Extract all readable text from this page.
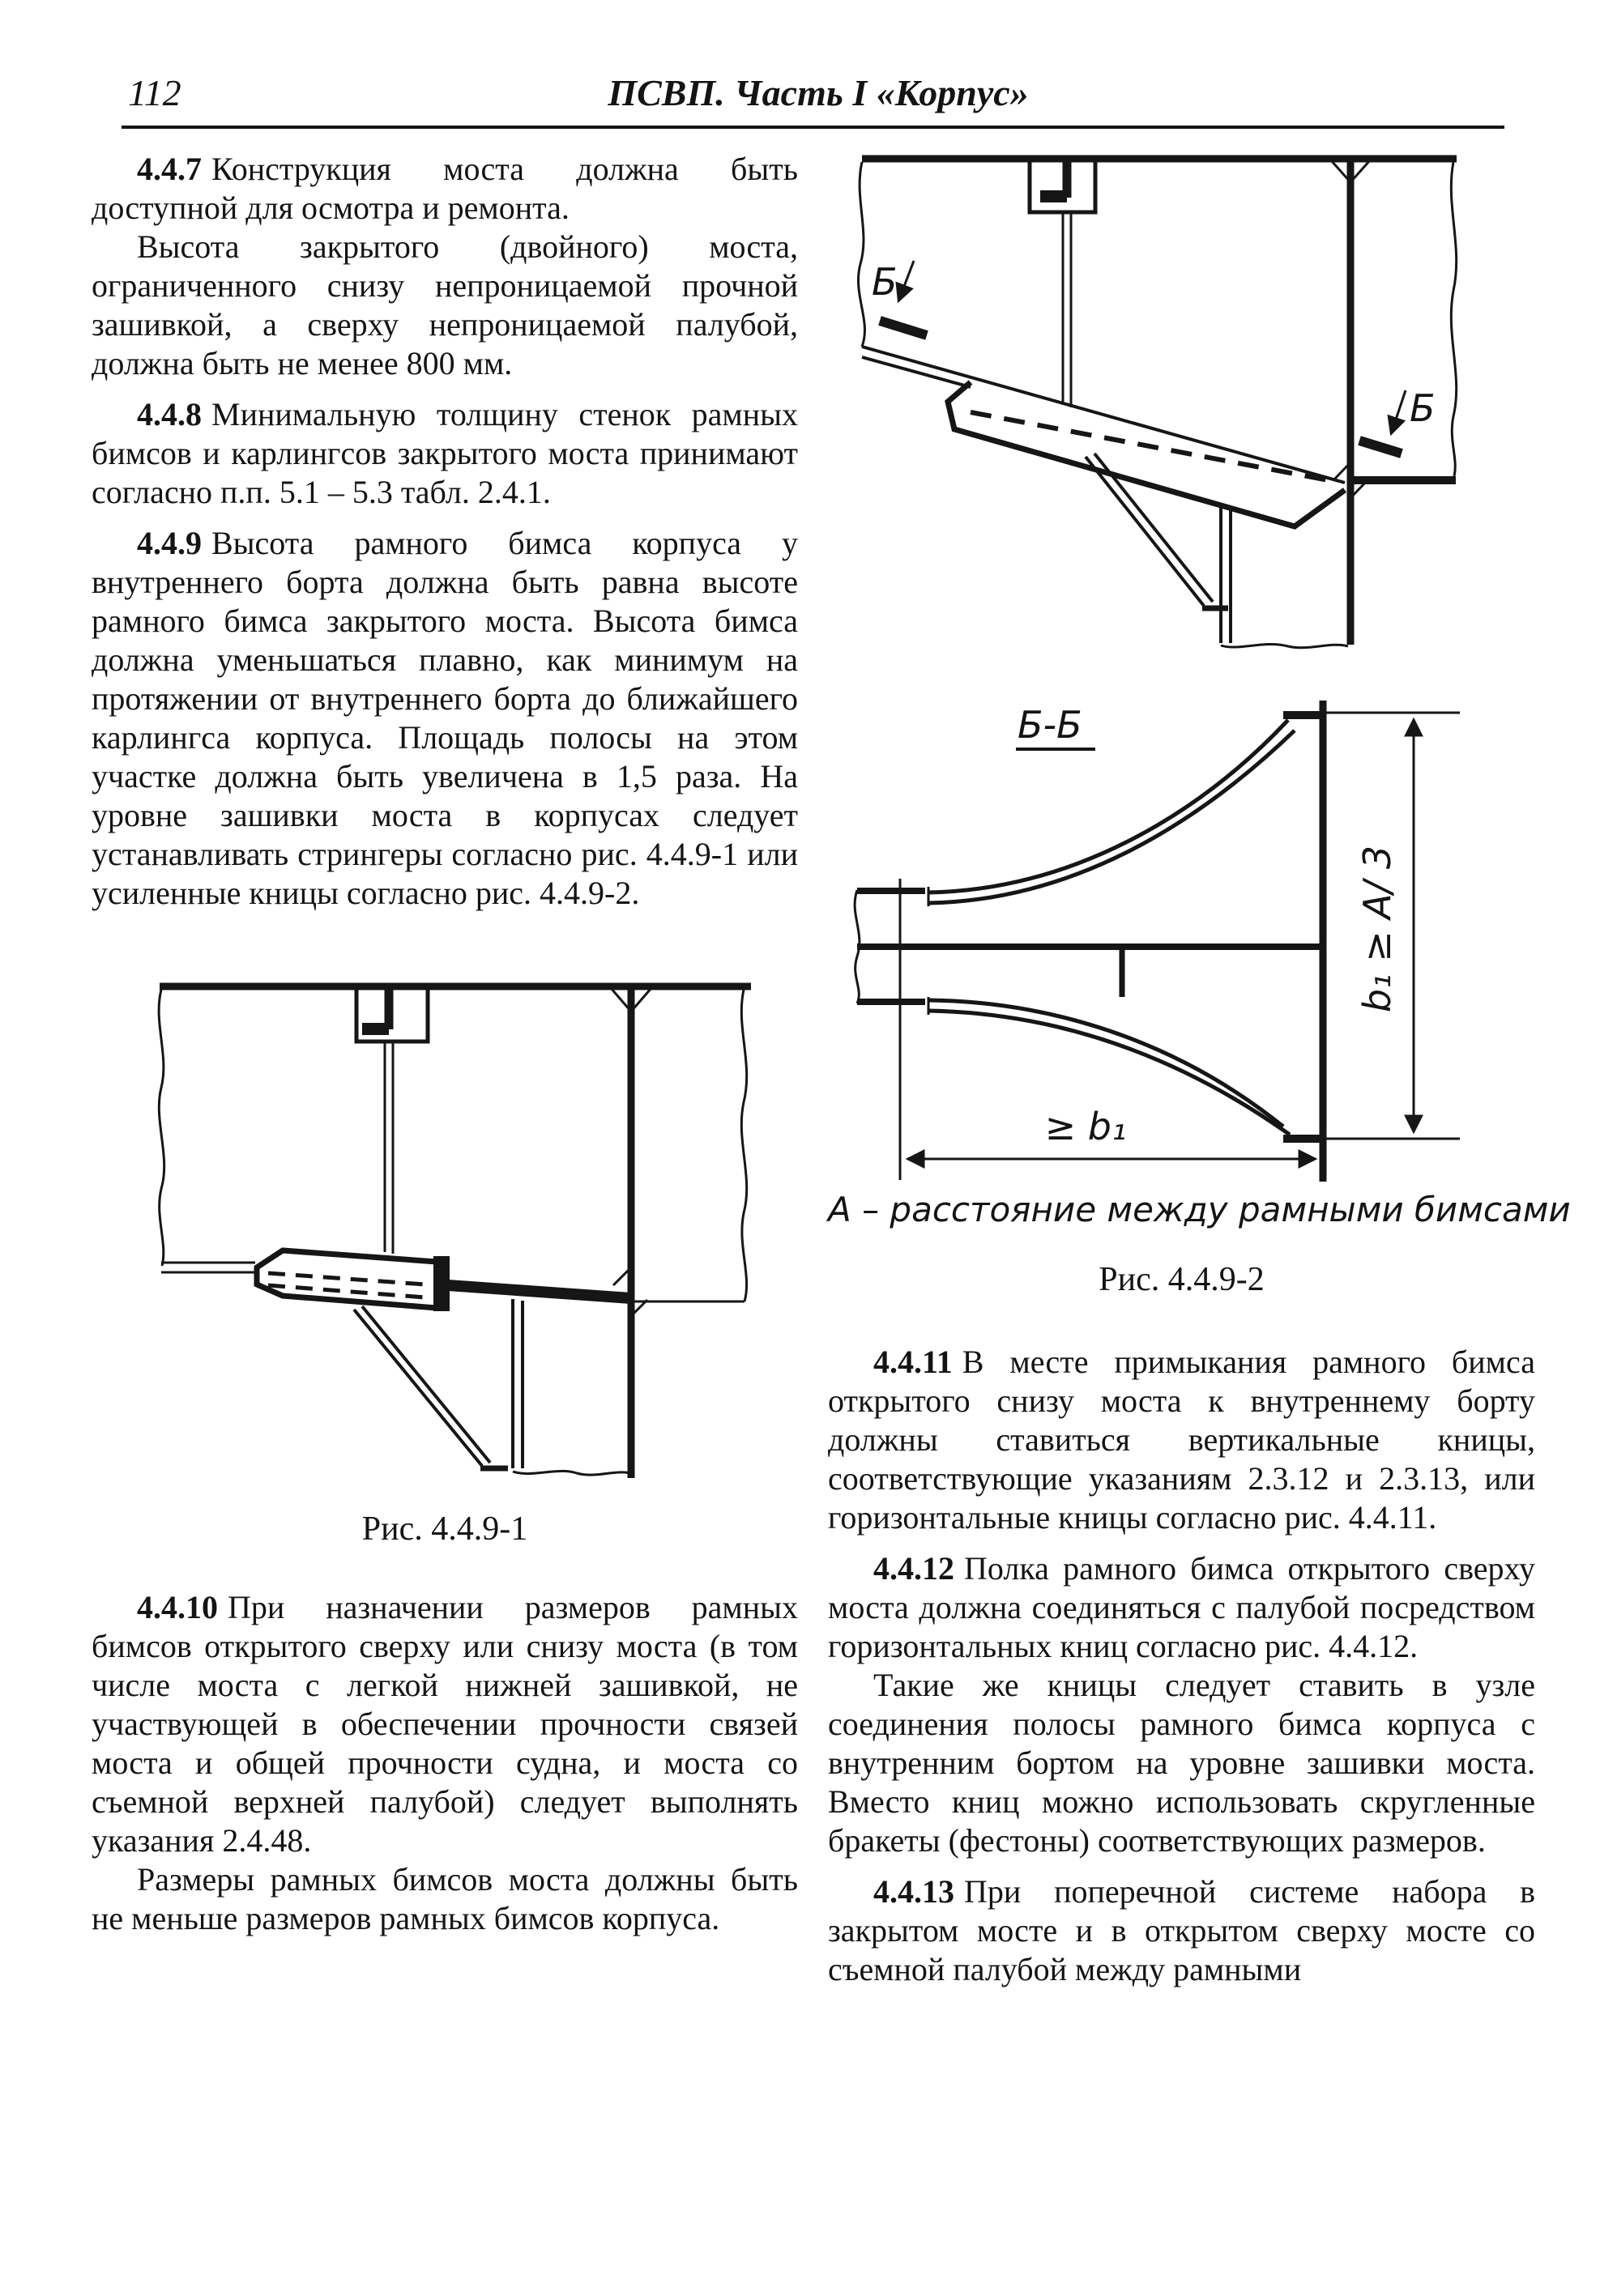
112	ПСВП. Часть I «Корпус»

4.4.7 Конструкция моста должна быть доступной для осмотра и ремонта.

Высота закрытого (двойного) моста, ограниченного снизу непроницаемой прочной зашивкой, а сверху непроницаемой палубой, должна быть не менее 800 мм.

4.4.8 Минимальную толщину стенок рамных бимсов и карлингсов закрытого моста принимают согласно п.п. 5.1 – 5.3 табл. 2.4.1.

4.4.9 Высота рамного бимса корпуса у внутреннего борта должна быть равна высоте рамного бимса закрытого моста. Высота бимса должна уменьшаться плавно, как минимум на протяжении от внутреннего борта до ближайшего карлингса корпуса. Площадь полосы на этом участке должна быть увеличена в 1,5 раза. На уровне зашивки моста в корпусах следует устанавливать стрингеры согласно рис. 4.4.9-1 или усиленные кницы согласно рис. 4.4.9-2.

Рис. 4.4.9-1

4.4.10 При назначении размеров рамных бимсов открытого сверху или снизу моста (в том числе моста с легкой нижней зашивкой, не участвующей в обеспечении прочности связей моста и общей прочности судна, и моста со съемной верхней палубой) следует выполнять указания 2.4.48.

Размеры рамных бимсов моста должны быть не меньше размеров рамных бимсов корпуса.

Б
Б
Б-Б
b₁ ≥ A/ 3
≥ b₁
А – расстояние между рамными бимсами
Рис. 4.4.9-2

4.4.11 В месте примыкания рамного бимса открытого снизу моста к внутреннему борту должны ставиться вертикальные кницы, соответствующие указаниям 2.3.12 и 2.3.13, или горизонтальные кницы согласно рис. 4.4.11.

4.4.12 Полка рамного бимса открытого сверху моста должна соединяться с палубой посредством горизонтальных книц согласно рис. 4.4.12.

Такие же кницы следует ставить в узле соединения полосы рамного бимса корпуса с внутренним бортом на уровне зашивки моста. Вместо книц можно использовать скругленные бракеты (фестоны) соответствующих размеров.

4.4.13 При поперечной системе набора в закрытом мосте и в открытом сверху мосте со съемной палубой между рамными
